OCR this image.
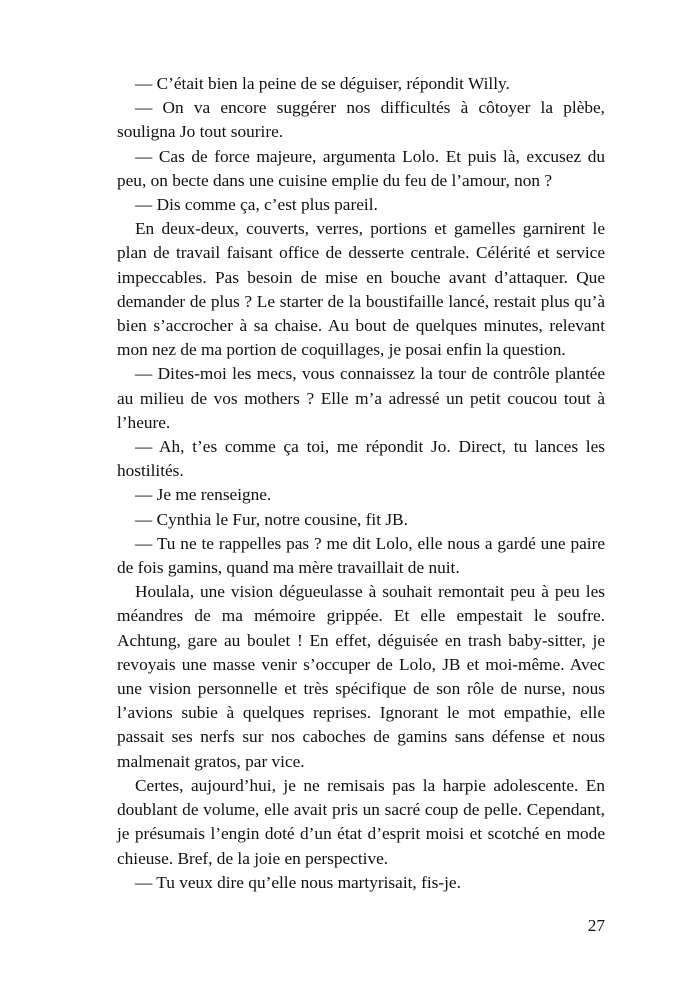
— C’était bien la peine de se déguiser, répondit Willy.

— On va encore suggérer nos difficultés à côtoyer la plèbe, souligna Jo tout sourire.

— Cas de force majeure, argumenta Lolo. Et puis là, excusez du peu, on becte dans une cuisine emplie du feu de l’amour, non ?

— Dis comme ça, c’est plus pareil.

En deux-deux, couverts, verres, portions et gamelles garnirent le plan de travail faisant office de desserte centrale. Célérité et service impeccables. Pas besoin de mise en bouche avant d’attaquer. Que demander de plus ? Le starter de la boustifaille lancé, restait plus qu’à bien s’accrocher à sa chaise. Au bout de quelques minutes, relevant mon nez de ma portion de coquillages, je posai enfin la question.

— Dites-moi les mecs, vous connaissez la tour de contrôle plantée au milieu de vos mothers ? Elle m’a adressé un petit coucou tout à l’heure.

— Ah, t’es comme ça toi, me répondit Jo. Direct, tu lances les hostilités.

— Je me renseigne.

— Cynthia le Fur, notre cousine, fit JB.

— Tu ne te rappelles pas ? me dit Lolo, elle nous a gardé une paire de fois gamins, quand ma mère travaillait de nuit.

Houlala, une vision dégueulasse à souhait remontait peu à peu les méandres de ma mémoire grippée. Et elle empestait le soufre. Achtung, gare au boulet ! En effet, déguisée en trash baby-sitter, je revoyais une masse venir s’occuper de Lolo, JB et moi-même. Avec une vision personnelle et très spécifique de son rôle de nurse, nous l’avions subie à quelques reprises. Ignorant le mot empathie, elle passait ses nerfs sur nos caboches de gamins sans défense et nous malmenait gratos, par vice.

Certes, aujourd’hui, je ne remisais pas la harpie adolescente. En doublant de volume, elle avait pris un sacré coup de pelle. Cependant, je présumais l’engin doté d’un état d’esprit moisi et scotché en mode chieuse. Bref, de la joie en perspective.

— Tu veux dire qu’elle nous martyrisait, fis-je.

27
